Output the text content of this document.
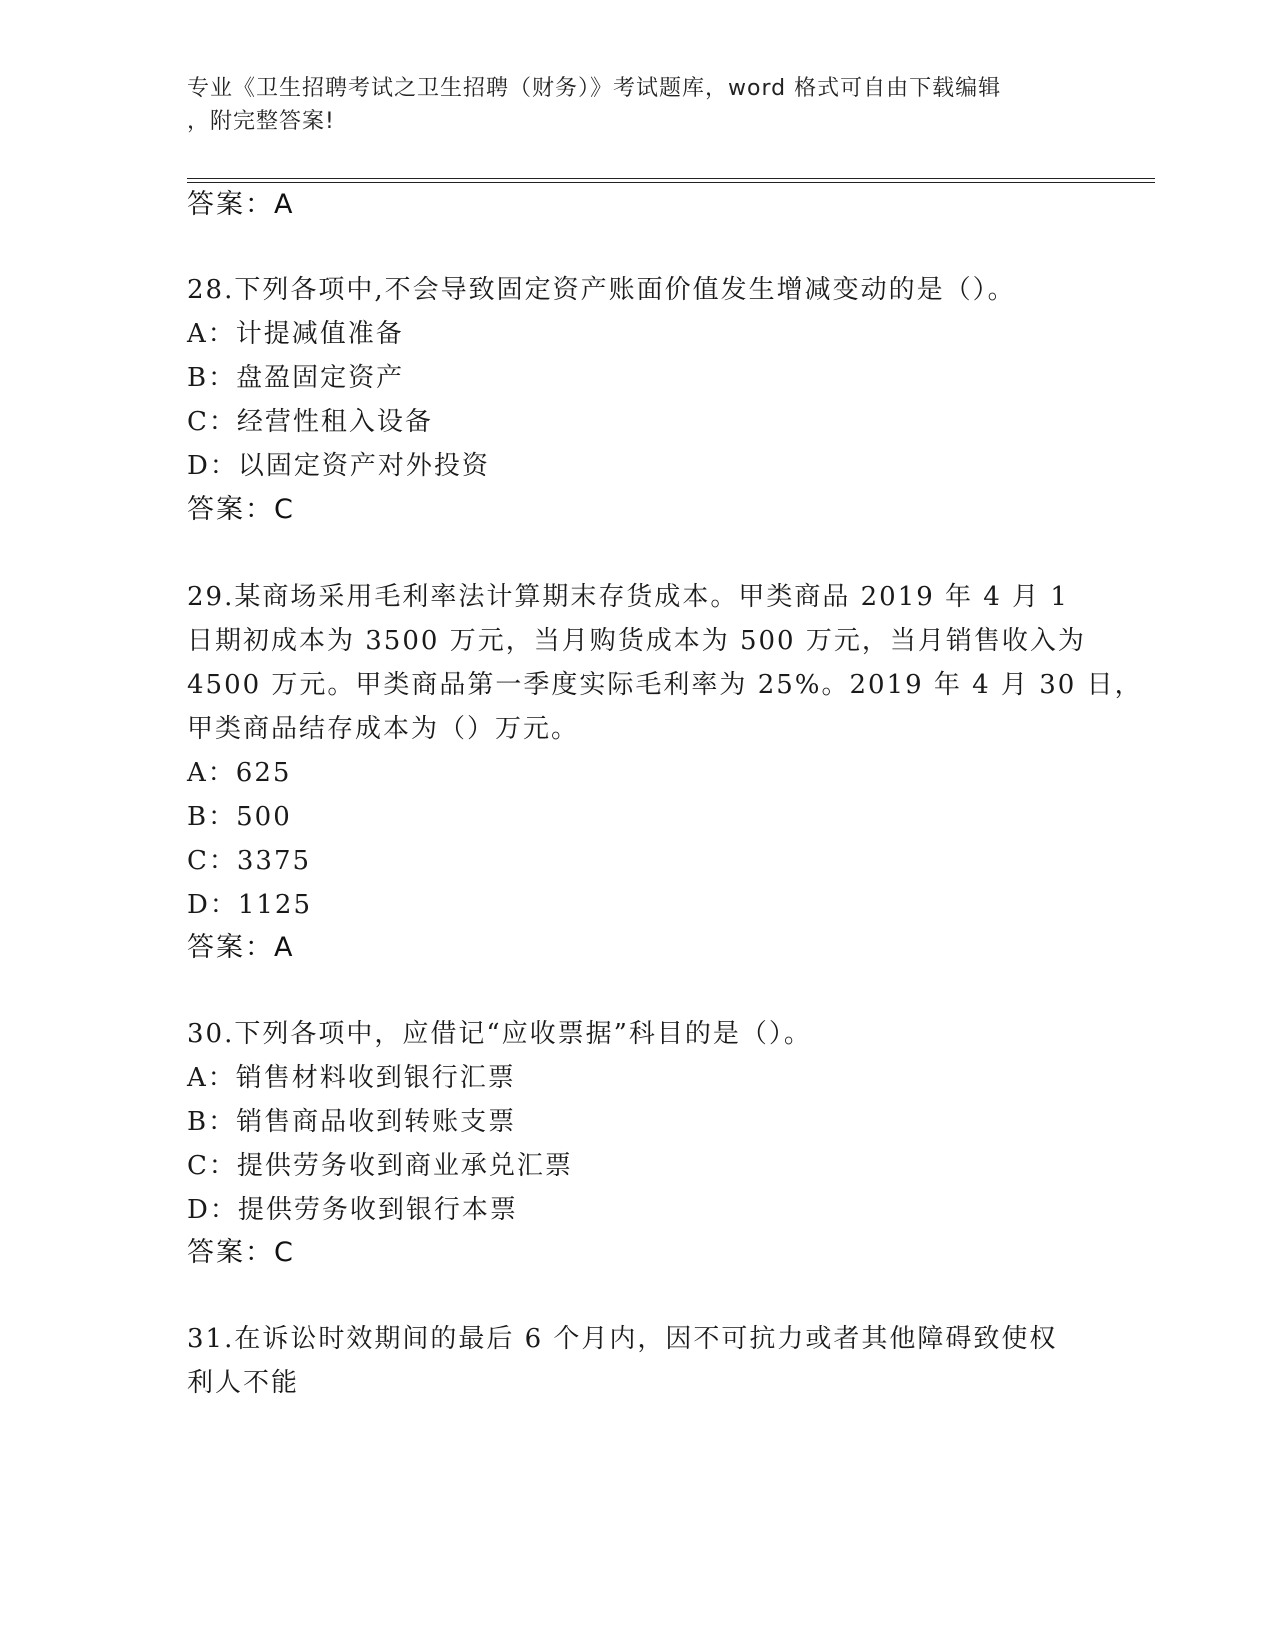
专业《卫生招聘考试之卫生招聘（财务）》考试题库，word 格式可自由下载编辑
，附完整答案!
答案：A
28.下列各项中,不会导致固定资产账面价值发生增减变动的是（）。
A：计提减值准备
B：盘盈固定资产
C：经营性租入设备
D：以固定资产对外投资
答案：C
29.某商场采用毛利率法计算期末存货成本。甲类商品 2019 年 4 月 1
日期初成本为 3500 万元，当月购货成本为 500 万元，当月销售收入为
4500 万元。甲类商品第一季度实际毛利率为 25%。2019 年 4 月 30 日，
甲类商品结存成本为（）万元。
A：625
B：500
C：3375
D：1125
答案：A
30.下列各项中，应借记“应收票据”科目的是（）。
A：销售材料收到银行汇票
B：销售商品收到转账支票
C：提供劳务收到商业承兑汇票
D：提供劳务收到银行本票
答案：C
31.在诉讼时效期间的最后 6 个月内，因不可抗力或者其他障碍致使权
利人不能
